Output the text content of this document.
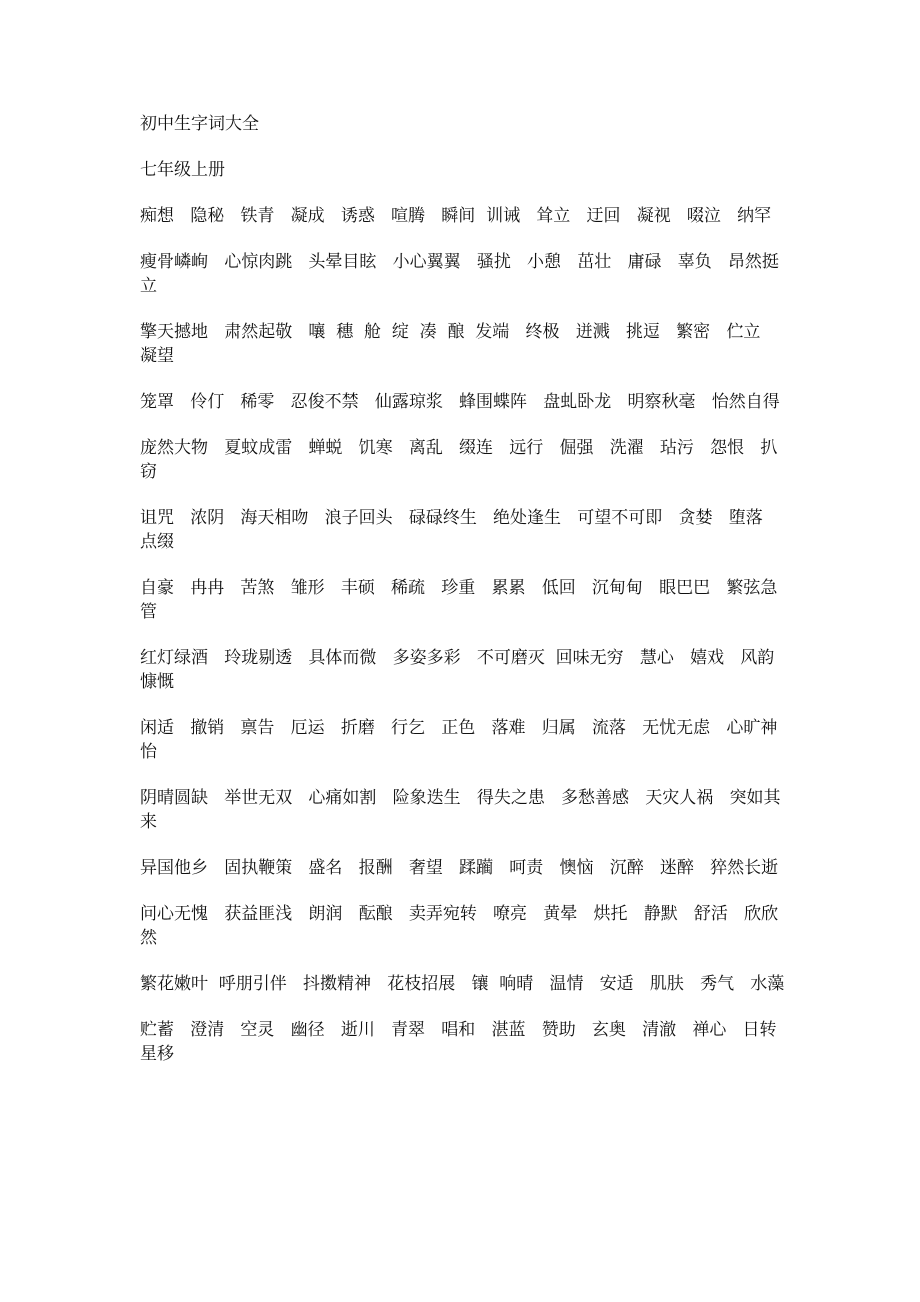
初中生字词大全

七年级上册

痴想   隐秘   铁青   凝成   诱惑   喧腾   瞬间  训诫   耸立   迂回   凝视   啜泣   纳罕

瘦骨嶙峋   心惊肉跳   头晕目眩   小心翼翼   骚扰   小憩   茁壮   庸碌   辜负   昂然挺立

擎天撼地   肃然起敬   嚷  穗  舱  绽  凑  酿  发端   终极   迸溅   挑逗   繁密   伫立   凝望

笼罩   伶仃   稀零   忍俊不禁   仙露琼浆   蜂围蝶阵   盘虬卧龙   明察秋毫   怡然自得

庞然大物   夏蚊成雷   蝉蜕   饥寒   离乱   缀连   远行   倔强   洗濯   玷污   怨恨   扒窃

诅咒   浓阴   海天相吻   浪子回头   碌碌终生   绝处逢生   可望不可即   贪婪   堕落   点缀

自豪   冉冉   苦煞   雏形   丰硕   稀疏   珍重   累累   低回   沉甸甸   眼巴巴   繁弦急管

红灯绿酒   玲珑剔透   具体而微   多姿多彩   不可磨灭  回味无穷   慧心   嬉戏   风韵  慷慨

闲适   撤销   禀告   厄运   折磨   行乞   正色   落难   归属   流落   无忧无虑   心旷神怡

阴晴圆缺   举世无双   心痛如割   险象迭生   得失之患   多愁善感   天灾人祸   突如其来

异国他乡   固执鞭策   盛名   报酬   奢望   蹂躏   呵责   懊恼   沉醉   迷醉   猝然长逝

问心无愧   获益匪浅   朗润   酝酿   卖弄宛转   嘹亮   黄晕   烘托   静默   舒活   欣欣然

繁花嫩叶  呼朋引伴   抖擞精神   花枝招展   镶  响晴   温情   安适   肌肤   秀气   水藻

贮蓄   澄清   空灵   幽径   逝川   青翠   唱和   湛蓝   赞助   玄奥   清澈   禅心   日转星移
